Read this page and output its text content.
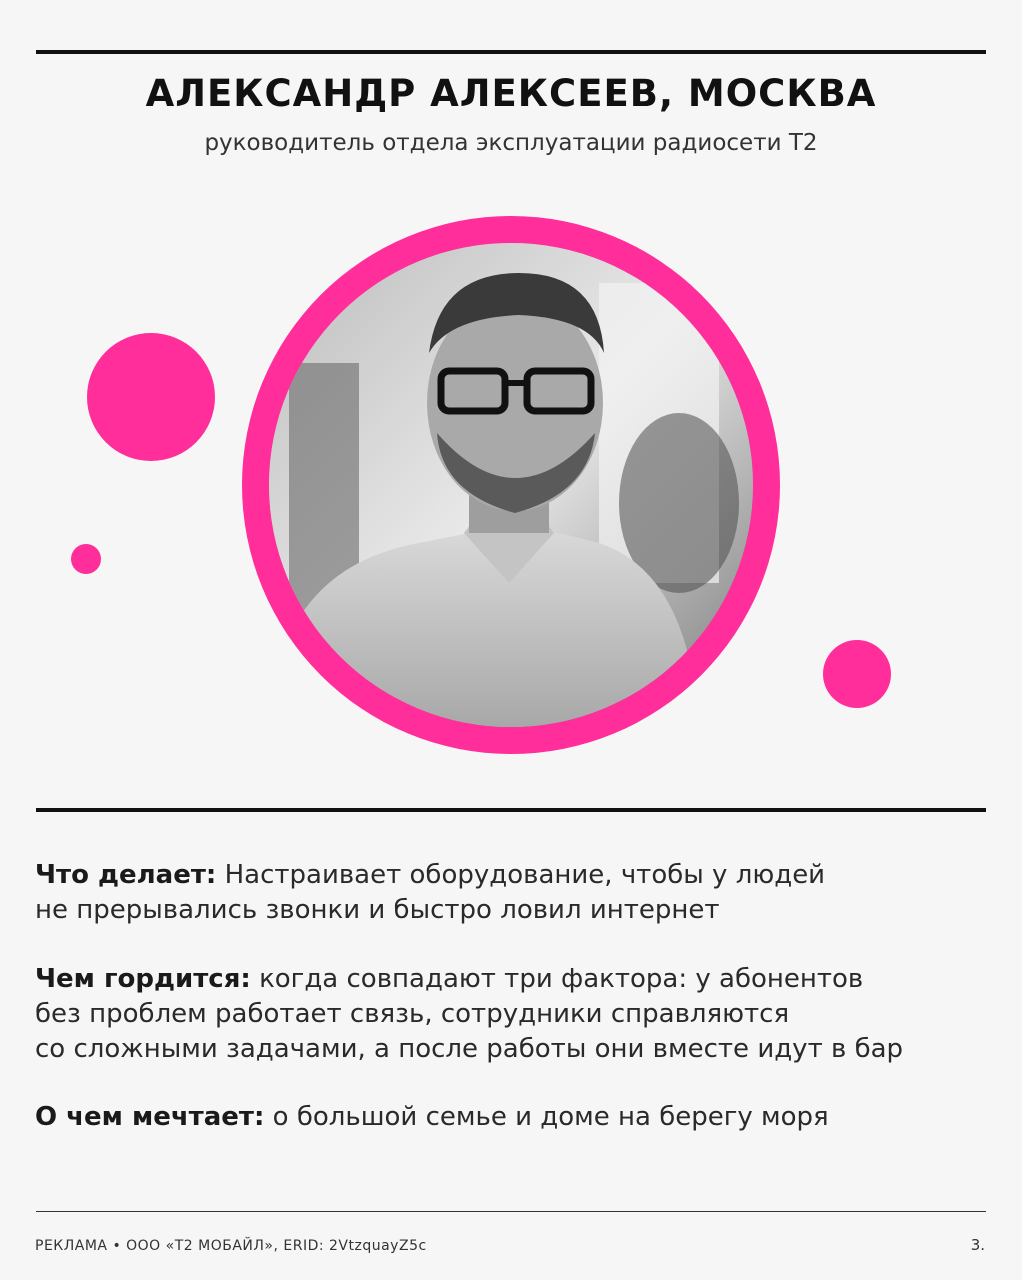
АЛЕКСАНДР АЛЕКСЕЕВ, МОСКВА
руководитель отдела эксплуатации радиосети T2

Что делает: Настраивает оборудование, чтобы у людей

не прерывались звонки и быстро ловил интернет

Чем гордится: когда совпадают три фактора: у абонентов

без проблем работает связь, сотрудники справляются

со сложными задачами, а после работы они вместе идут в бар

О чем мечтает: о большой семье и доме на берегу моря

РЕКЛАМА • ООО «Т2 МОБАЙЛ», ERID: 2VtzquayZ5c	3.
